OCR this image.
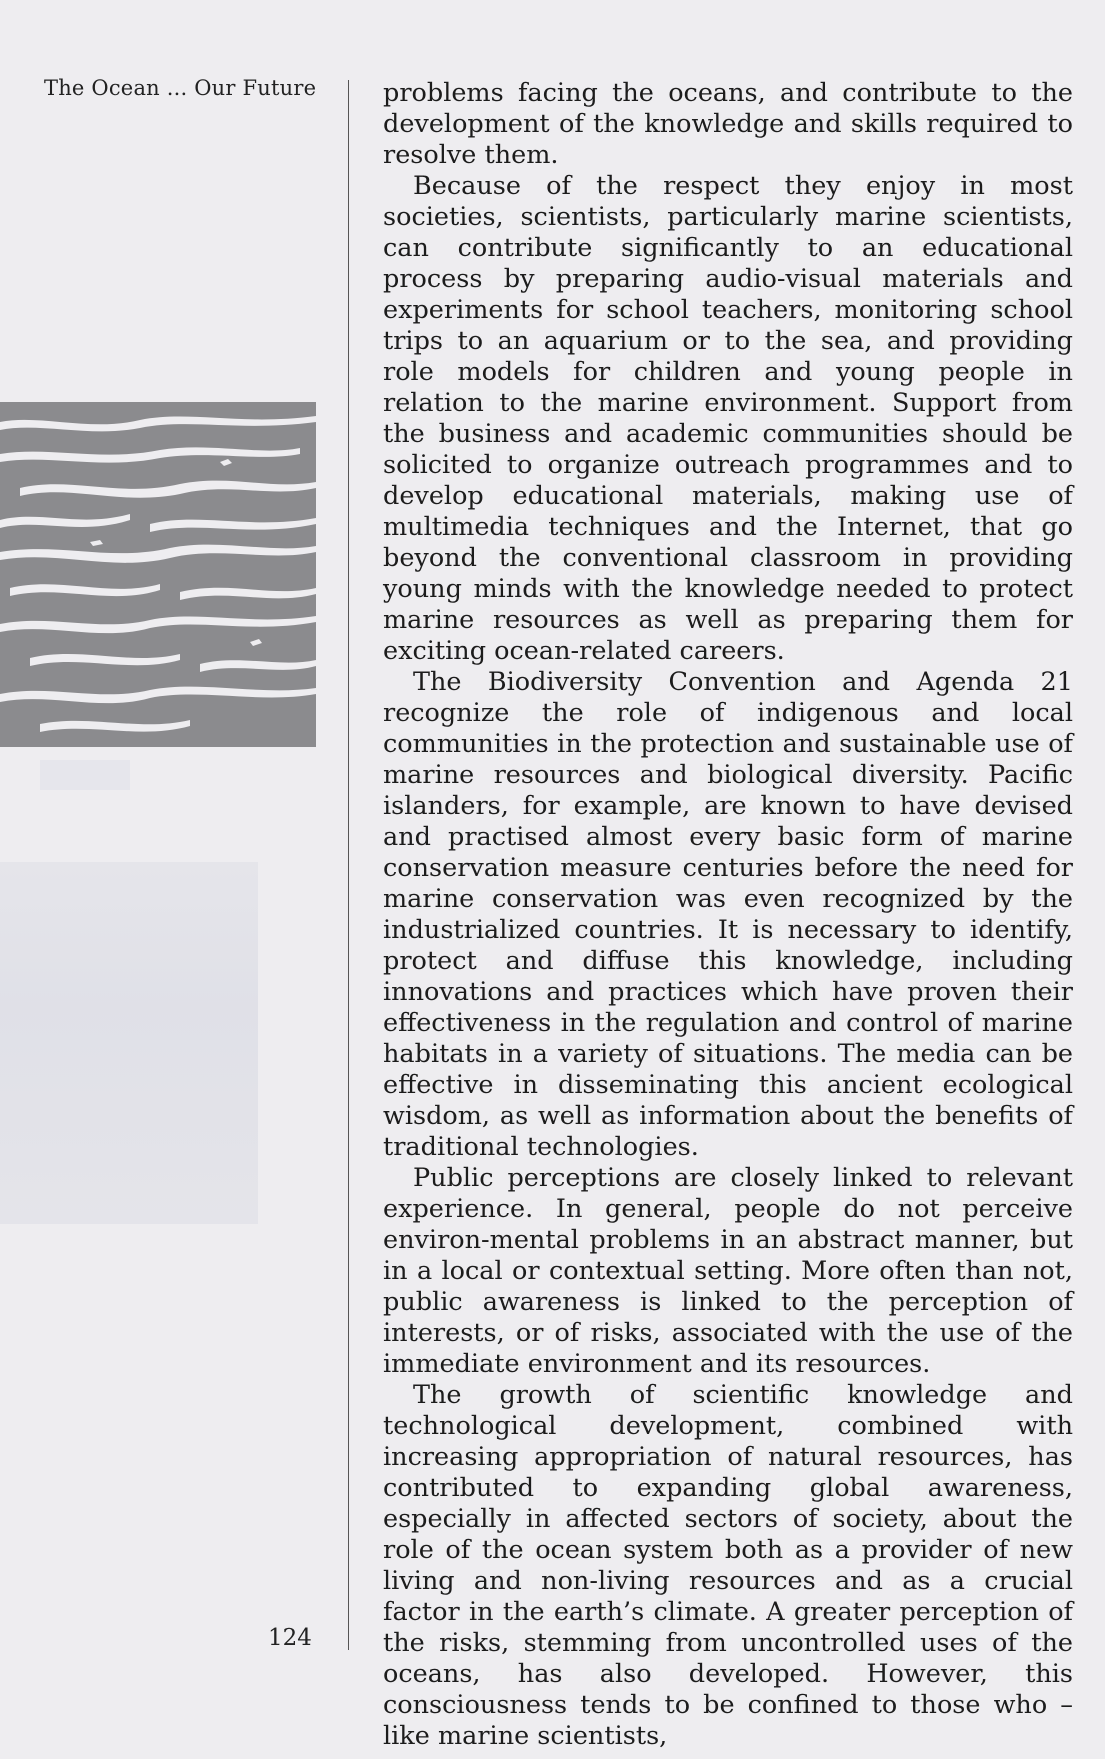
The Ocean ... Our Future	problems facing the oceans, and contribute to the development of the knowledge and skills required to resolve them.

Because of the respect they enjoy in most societies, scientists, particularly marine scientists, can contribute significantly to an educational process by preparing audio-visual materials and experiments for school teachers, monitoring school trips to an aquarium or to the sea, and providing role models for children and young people in relation to the marine environment. Support from the business and academic communities should be solicited to organize outreach programmes and to develop educational materials, making use of multimedia techniques and the Internet, that go beyond the conventional classroom in providing young minds with the knowledge needed to protect marine resources as well as preparing them for exciting ocean-related careers.

The Biodiversity Convention and Agenda 21 recognize the role of indigenous and local communities in the protection and sustainable use of marine resources and biological diversity. Pacific islanders, for example, are known to have devised and practised almost every basic form of marine conservation measure centuries before the need for marine conservation was even recognized by the industrialized countries. It is necessary to identify, protect and diffuse this knowledge, including innovations and practices which have proven their effectiveness in the regulation and control of marine habitats in a variety of situations. The media can be effective in disseminating this ancient ecological wisdom, as well as information about the benefits of traditional technologies.

Public perceptions are closely linked to relevant experience. In general, people do not perceive environ-mental problems in an abstract manner, but in a local or contextual setting. More often than not, public awareness is linked to the perception of interests, or of risks, associated with the use of the immediate environment and its resources.

The growth of scientific knowledge and technological development, combined with increasing appropriation of natural resources, has contributed to expanding global awareness, especially in affected sectors of society, about the role of the ocean system both as a provider of new living and non-living resources and as a crucial factor in the earth’s climate. A greater perception of the risks, stemming from uncontrolled uses of the oceans, has also developed. However, this consciousness tends to be confined to those who – like marine scientists,

124
